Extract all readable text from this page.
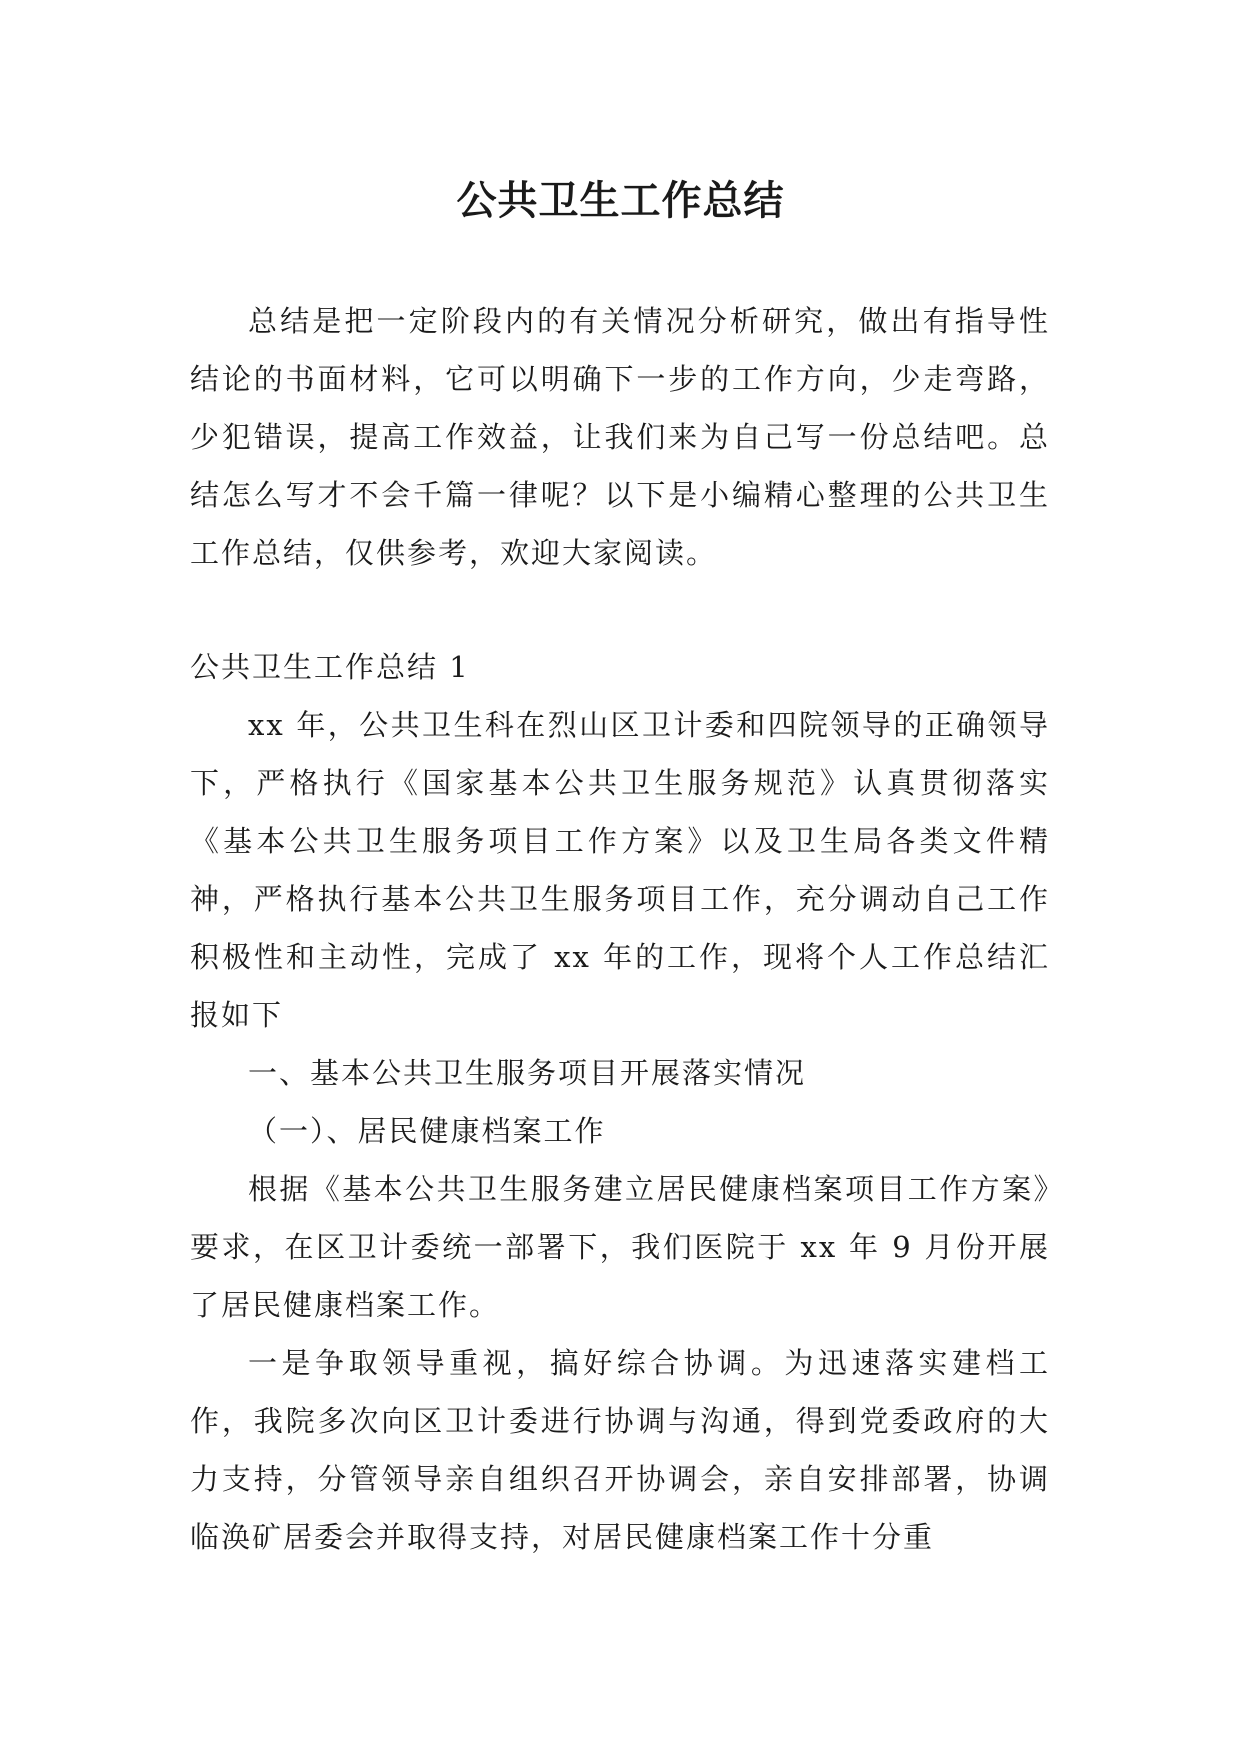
公共卫生工作总结

总结是把一定阶段内的有关情况分析研究，做出有指导性结论的书面材料，它可以明确下一步的工作方向，少走弯路，少犯错误，提高工作效益，让我们来为自己写一份总结吧。总结怎么写才不会千篇一律呢？以下是小编精心整理的公共卫生工作总结，仅供参考，欢迎大家阅读。

公共卫生工作总结 1

xx 年，公共卫生科在烈山区卫计委和四院领导的正确领导下，严格执行《国家基本公共卫生服务规范》认真贯彻落实《基本公共卫生服务项目工作方案》以及卫生局各类文件精神，严格执行基本公共卫生服务项目工作，充分调动自己工作积极性和主动性，完成了 xx 年的工作，现将个人工作总结汇报如下

一、基本公共卫生服务项目开展落实情况

（一）、居民健康档案工作

根据《基本公共卫生服务建立居民健康档案项目工作方案》要求，在区卫计委统一部署下，我们医院于 xx 年 9 月份开展了居民健康档案工作。

一是争取领导重视，搞好综合协调。为迅速落实建档工作，我院多次向区卫计委进行协调与沟通，得到党委政府的大力支持，分管领导亲自组织召开协调会，亲自安排部署，协调临涣矿居委会并取得支持，对居民健康档案工作十分重
